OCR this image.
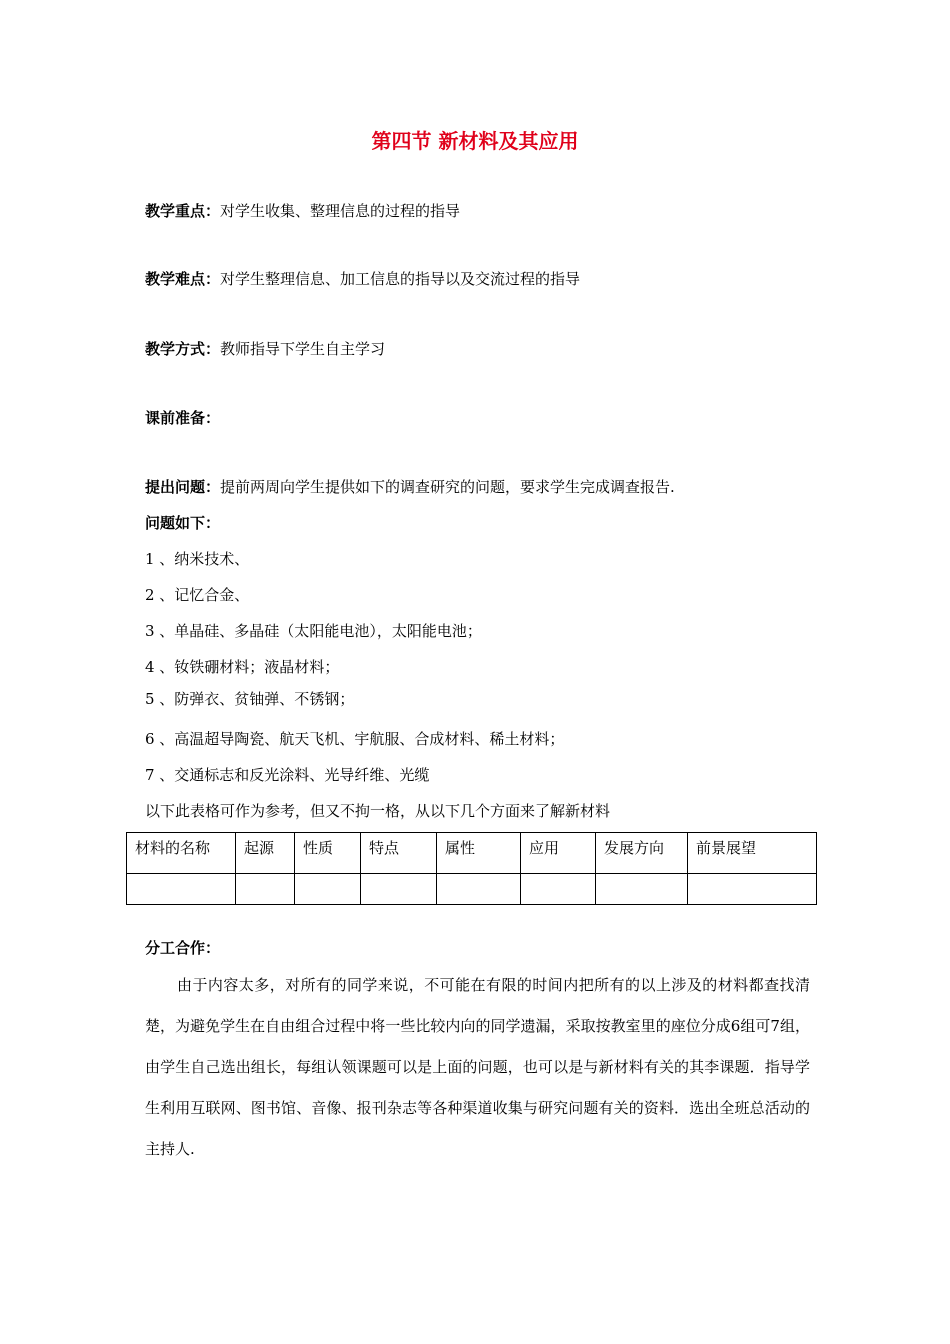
第四节 新材料及其应用
教学重点：对学生收集、整理信息的过程的指导
教学难点：对学生整理信息、加工信息的指导以及交流过程的指导
教学方式：教师指导下学生自主学习
课前准备：
提出问题：提前两周向学生提供如下的调查研究的问题，要求学生完成调查报告.
问题如下：
1 、纳米技术、
2 、记忆合金、
3 、单晶硅、多晶硅（太阳能电池），太阳能电池；
4 、钕铁硼材料；液晶材料；
5 、防弹衣、贫铀弹、不锈钢；
6 、高温超导陶瓷、航天飞机、宇航服、合成材料、稀土材料；
7 、交通标志和反光涂料、光导纤维、光缆
以下此表格可作为参考，但又不拘一格，从以下几个方面来了解新材料
材料的名称	起源	性质	特点	属性	应用	发展方向	前景展望

分工合作：
由于内容太多，对所有的同学来说，不可能在有限的时间内把所有的以上涉及的材料都查找清楚，为避免学生在自由组合过程中将一些比较内向的同学遗漏，采取按教室里的座位分成6组可7组，由学生自己选出组长，每组认领课题可以是上面的问题，也可以是与新材料有关的其李课题．指导学生利用互联网、图书馆、音像、报刊杂志等各种渠道收集与研究问题有关的资料．选出全班总活动的主持人.
